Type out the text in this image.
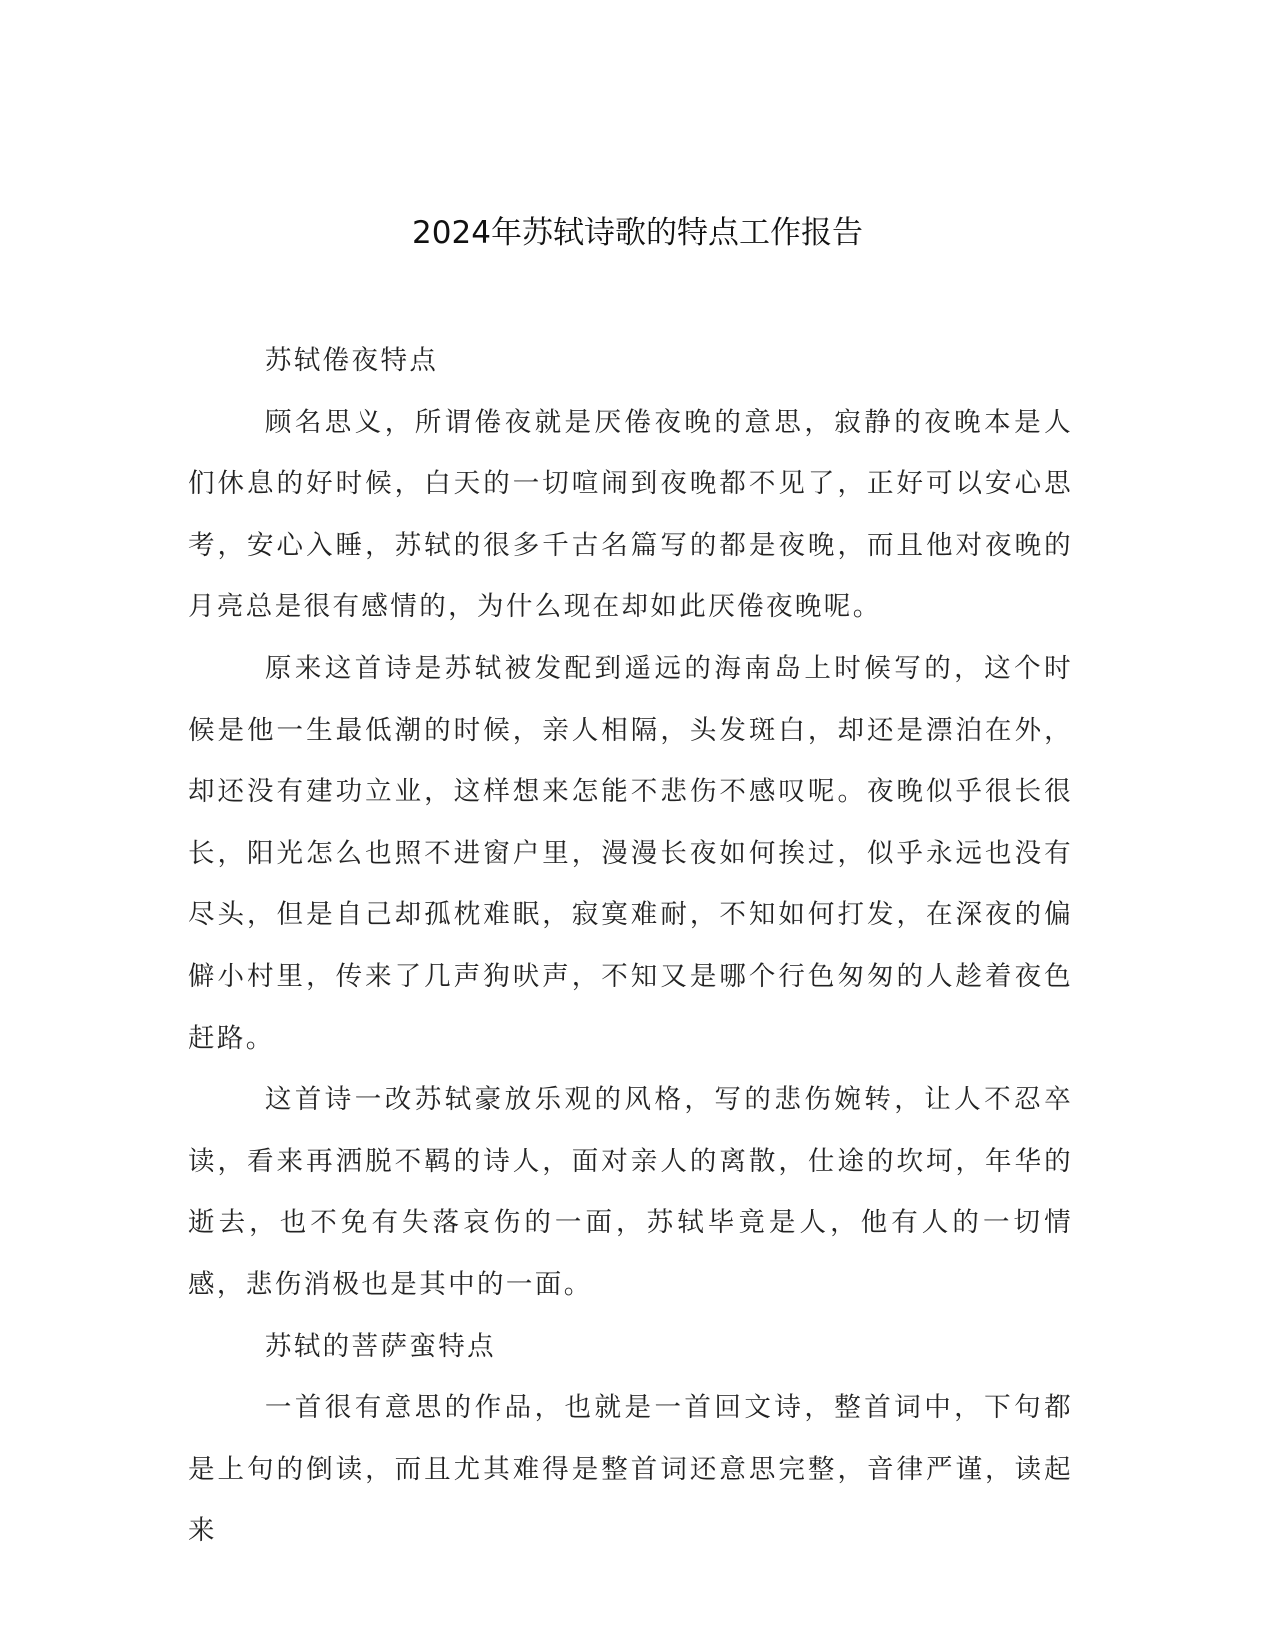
2024年苏轼诗歌的特点工作报告

苏轼倦夜特点

顾名思义，所谓倦夜就是厌倦夜晚的意思，寂静的夜晚本是人们休息的好时候，白天的一切喧闹到夜晚都不见了，正好可以安心思考，安心入睡，苏轼的很多千古名篇写的都是夜晚，而且他对夜晚的月亮总是很有感情的，为什么现在却如此厌倦夜晚呢。

原来这首诗是苏轼被发配到遥远的海南岛上时候写的，这个时候是他一生最低潮的时候，亲人相隔，头发斑白，却还是漂泊在外，却还没有建功立业，这样想来怎能不悲伤不感叹呢。夜晚似乎很长很长，阳光怎么也照不进窗户里，漫漫长夜如何挨过，似乎永远也没有尽头，但是自己却孤枕难眠，寂寞难耐，不知如何打发，在深夜的偏僻小村里，传来了几声狗吠声，不知又是哪个行色匆匆的人趁着夜色赶路。

这首诗一改苏轼豪放乐观的风格，写的悲伤婉转，让人不忍卒读，看来再洒脱不羁的诗人，面对亲人的离散，仕途的坎坷，年华的逝去，也不免有失落哀伤的一面，苏轼毕竟是人，他有人的一切情感，悲伤消极也是其中的一面。

苏轼的菩萨蛮特点

一首很有意思的作品，也就是一首回文诗，整首词中，下句都是上句的倒读，而且尤其难得是整首词还意思完整，音律严谨，读起来
